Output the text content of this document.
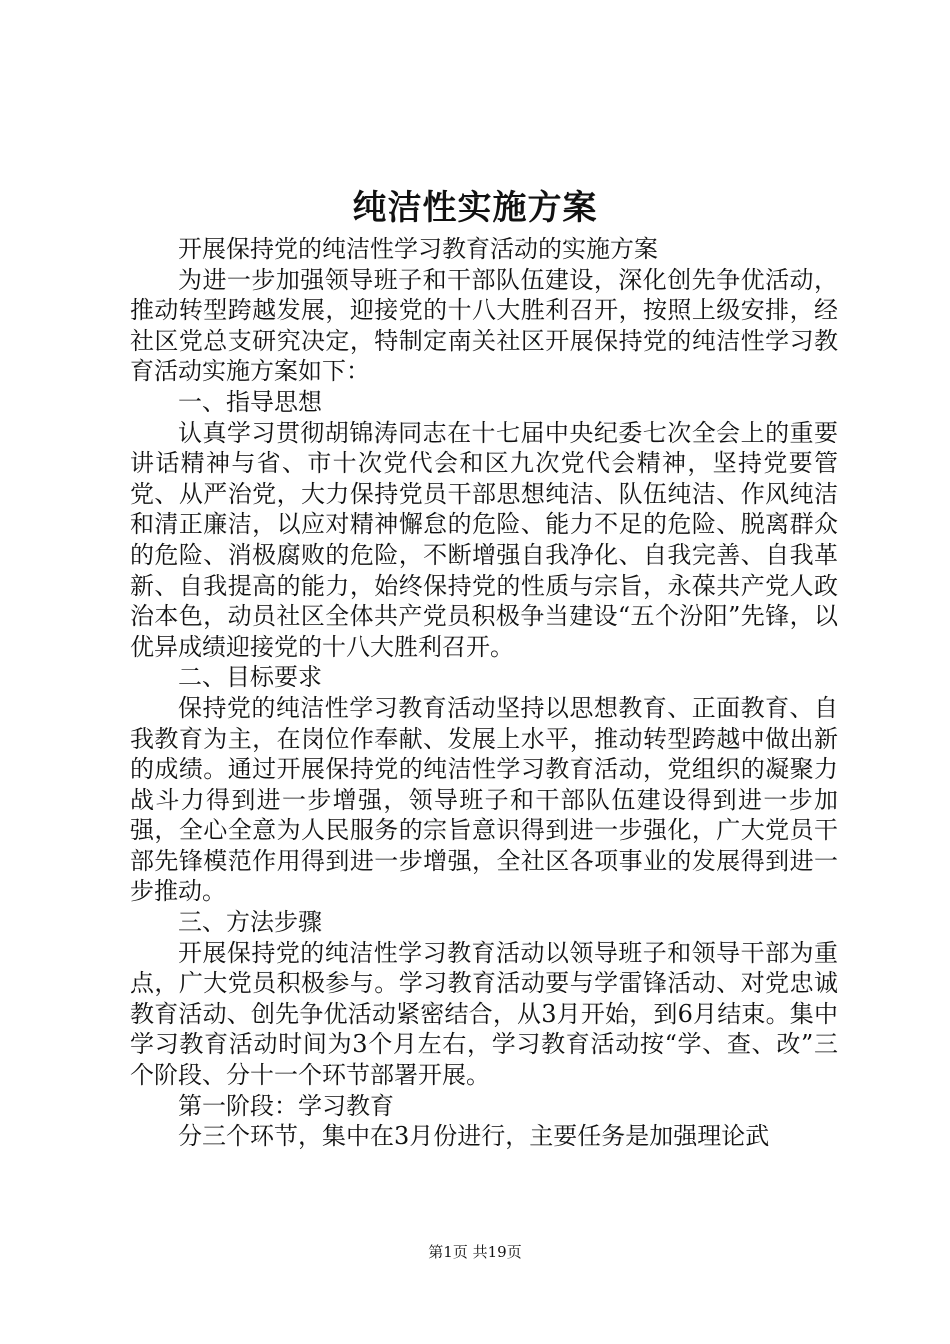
纯洁性实施方案

开展保持党的纯洁性学习教育活动的实施方案

为进一步加强领导班子和干部队伍建设，深化创先争优活动，推动转型跨越发展，迎接党的十八大胜利召开，按照上级安排，经社区党总支研究决定，特制定南关社区开展保持党的纯洁性学习教育活动实施方案如下：

一、指导思想

认真学习贯彻胡锦涛同志在十七届中央纪委七次全会上的重要讲话精神与省、市十次党代会和区九次党代会精神，坚持党要管党、从严治党，大力保持党员干部思想纯洁、队伍纯洁、作风纯洁和清正廉洁，以应对精神懈怠的危险、能力不足的危险、脱离群众的危险、消极腐败的危险，不断增强自我净化、自我完善、自我革新、自我提高的能力，始终保持党的性质与宗旨，永葆共产党人政治本色，动员社区全体共产党员积极争当建设“五个汾阳”先锋，以优异成绩迎接党的十八大胜利召开。

二、目标要求

保持党的纯洁性学习教育活动坚持以思想教育、正面教育、自我教育为主，在岗位作奉献、发展上水平，推动转型跨越中做出新的成绩。通过开展保持党的纯洁性学习教育活动，党组织的凝聚力战斗力得到进一步增强，领导班子和干部队伍建设得到进一步加强，全心全意为人民服务的宗旨意识得到进一步强化，广大党员干部先锋模范作用得到进一步增强，全社区各项事业的发展得到进一步推动。

三、方法步骤

开展保持党的纯洁性学习教育活动以领导班子和领导干部为重点，广大党员积极参与。学习教育活动要与学雷锋活动、对党忠诚教育活动、创先争优活动紧密结合，从3月开始，到6月结束。集中学习教育活动时间为3个月左右，学习教育活动按“学、查、改”三个阶段、分十一个环节部署开展。

第一阶段：学习教育

分三个环节，集中在3月份进行，主要任务是加强理论武

第1页 共19页
